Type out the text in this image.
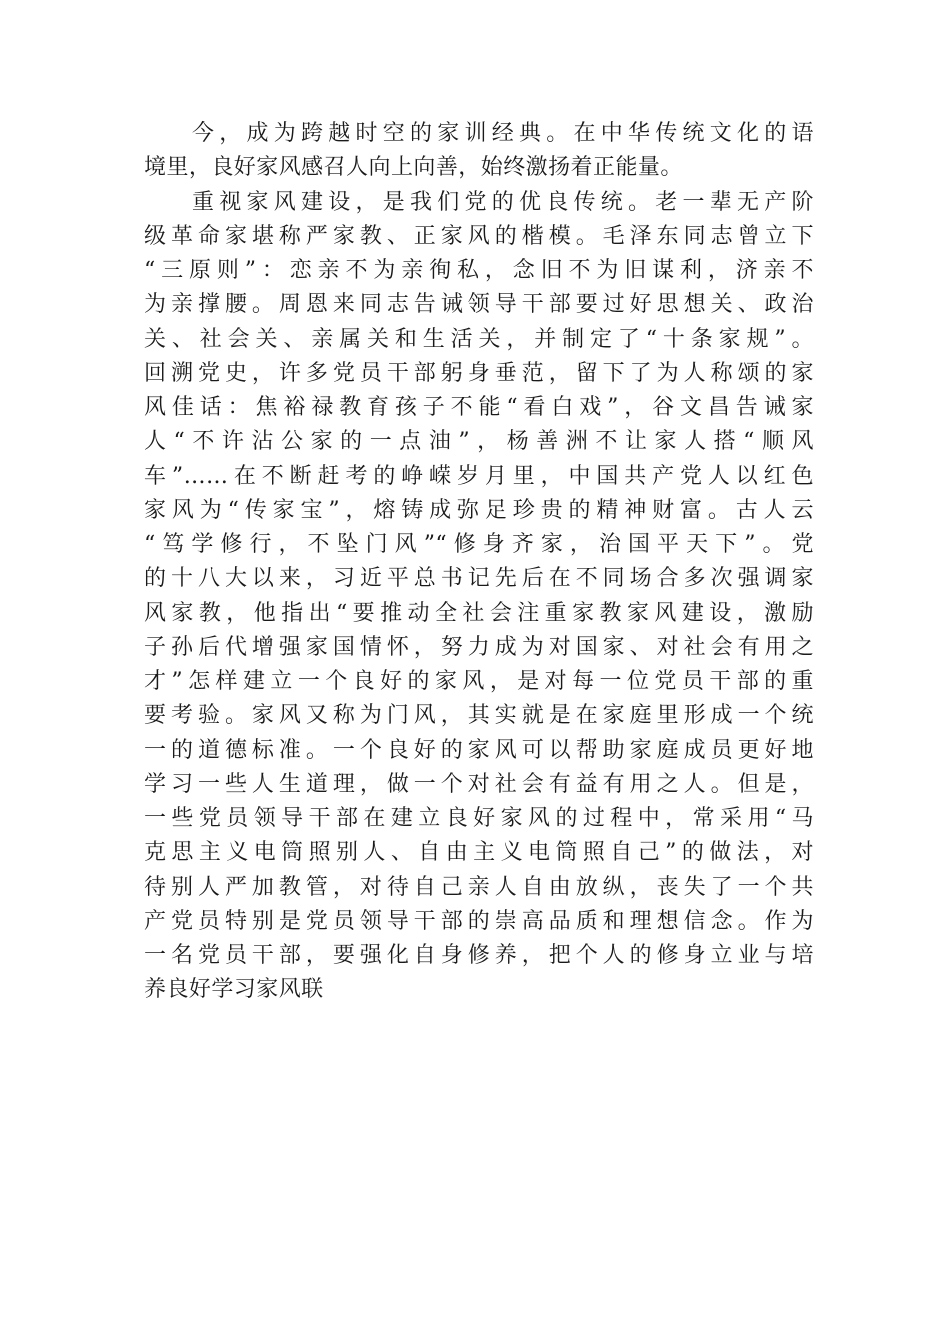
今，成为跨越时空的家训经典。在中华传统文化的语
境里，良好家风感召人向上向善，始终激扬着正能量。
重视家风建设，是我们党的优良传统。老一辈无产阶
级革命家堪称严家教、正家风的楷模。毛泽东同志曾立下
“三原则”：恋亲不为亲徇私，念旧不为旧谋利，济亲不
为亲撑腰。周恩来同志告诫领导干部要过好思想关、政治
关、社会关、亲属关和生活关，并制定了“十条家规”。
回溯党史，许多党员干部躬身垂范，留下了为人称颂的家
风佳话：焦裕禄教育孩子不能“看白戏”，谷文昌告诫家
人“不许沾公家的一点油”，杨善洲不让家人搭“顺风
车”……在不断赶考的峥嵘岁月里，中国共产党人以红色
家风为“传家宝”，熔铸成弥足珍贵的精神财富。古人云
“笃学修行，不坠门风”“修身齐家，治国平天下”。党
的十八大以来，习近平总书记先后在不同场合多次强调家
风家教，他指出“要推动全社会注重家教家风建设，激励
子孙后代增强家国情怀，努力成为对国家、对社会有用之
才”怎样建立一个良好的家风，是对每一位党员干部的重
要考验。家风又称为门风，其实就是在家庭里形成一个统
一的道德标准。一个良好的家风可以帮助家庭成员更好地
学习一些人生道理，做一个对社会有益有用之人。但是，
一些党员领导干部在建立良好家风的过程中，常采用“马
克思主义电筒照别人、自由主义电筒照自己”的做法，对
待别人严加教管，对待自己亲人自由放纵，丧失了一个共
产党员特别是党员领导干部的崇高品质和理想信念。作为
一名党员干部，要强化自身修养，把个人的修身立业与培
养良好学习家风联
